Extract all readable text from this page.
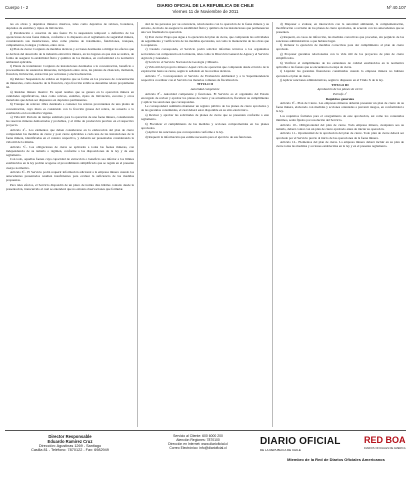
Cuerpo I - 2	DIARIO OFICIAL DE LA REPUBLICA DE CHILE
Viernes 11 de Noviembre de 2011
Nº 40.107

tes en obras y depósitos mineros masivos, tales como depósitos de relaves, botaderos, depósitos de estériles y ripios de lixiviación.

j) Paralización o cesación de una faena: Es la suspensión temporal o definitiva de las operaciones de una faena minera, conforme a lo dispuesto en el reglamento de seguridad minera, considerando sus instalaciones, tales como plantas de tratamiento, fundiciones, tranques, campamentos, bodegas y talleres, entre otras.

k) Plan de cierre: Conjunto de medidas técnicas y acciones destinadas a mitigar los efectos que se derivan del desarrollo de la industria extractiva minera, en los lugares en que ésta se realice, de forma de asegurar la estabilidad física y química de los mismos, en conformidad a la normativa ambiental aplicable.

l) Planta de tratamiento: Conjunto de instalaciones destinadas a la concentración, beneficio o procesamiento de sustancias minerales, incluyendo entre otras, las plantas de chancado, molienda, flotación, lixiviación, extracción por solventes y electroobtención.

m) Relave: Suspensión de sólidos en líquidos que se forma en los procesos de concentración de minerales, como desecho de la flotación, cuya fracción sólida se denomina relave propiamente tal.

n) Residuo minero masivo: Es aquel residuo que se genera en la operación minera en cantidades significativas, tales como relaves, estériles, ripios de lixiviación, escorias y otros materiales que deban ser dispuestos en depósitos permanentes.

ñ) Tranque de relaves: Obra destinada a contener los relaves provenientes de una planta de concentración, cuyo muro es construido con la fracción gruesa del relave, de acuerdo a lo establecido en la normativa vigente.

o) Vida útil: Periodo de tiempo estimado para la operación de una faena minera, considerando las reservas mineras demostradas y probables, y el ritmo de producción previsto en el respectivo proyecto.

Artículo 4º.- Los elementos que deben considerarse en la elaboración del plan de cierre comprenden las medidas de cierre y post cierre aplicables a cada una de las instalaciones de la faena minera, identificadas en el catastro respectivo, y deberán ser presentadas considerando la vida útil de la misma.

Artículo 5º.- Las obligaciones de cierre se aplicarán a todas las faenas mineras, con independencia de su tamaño o régimen, conforme a las disposiciones de la ley y de este reglamento.

Con todo, aquellas faenas cuya capacidad de extracción o beneficio sea inferior a los límites establecidos en la ley podrán acogerse al procedimiento simplificado que se regula en el presente cuerpo normativo.

Artículo 6º.- El Servicio podrá requerir información adicional a la empresa minera cuando los antecedentes presentados resulten insuficientes para evaluar la suficiencia de las medidas propuestas.

Para tales efectos, el Servicio dispondrá de un plazo de treinta días hábiles contado desde la presentación, transcurrido el cual se entenderá que no existen observaciones que formular.

dad de las personas por su ocurrencia, relacionados con la operación de la faena minera y su entorno, de modo de asegurar la estabilidad física y química de las instalaciones que permanezcan una vez finalizada la operación.

b) Post cierre: Etapa que sigue a la ejecución del plan de cierre, que comprende las actividades de seguimiento y verificación de las medidas ejecutadas, así como la mantención de las obras que lo requieran.

c) Cuando corresponda, el Servicio podrá solicitar informes técnicos a los organismos sectoriales con competencia en la materia, tales como la Dirección General de Aguas y el Servicio Agrícola y Ganadero.

d) Servicio: el Servicio Nacional de Geología y Minería.

e) Vida útil del proyecto minero: Aquel ciclo de operación que comprende desde el inicio de la explotación hasta su cierre, según lo señalado en las normas técnicas.

Artículo 7º.- Corresponderá al Servicio de Evaluación Ambiental y a la Superintendencia respectiva coordinar con el Servicio las materias comunes de fiscalización.

TITULO II

Autoridad competente

Artículo 8º.- Autoridad competente y funciones. El Servicio es el organismo del Estado encargado de revisar y aprobar los planes de cierre y su actualización, fiscalizar su cumplimiento y aplicar las sanciones que correspondan.

Le corresponderá asimismo mantener un registro público de los planes de cierre aprobados y de las garantías constituidas, el cual deberá estar disponible en su sitio electrónico.

a) Revisar y aprobar las solicitudes de planes de cierre que se presenten conforme a este reglamento.

b) Fiscalizar el cumplimiento de las medidas y acciones comprometidas en los planes aprobados.

c) Aplicar las sanciones que correspondan conforme a la ley.

d) Requerir la información que estime necesaria para el ejercicio de sus funciones.

d) Disponer o evaluar, en interacción con la autoridad ambiental, la complementación, modificación o revisión de los planes de cierre aprobados, de acuerdo con los antecedentes que se presenten.

e) Requerir, en casos de infracción, las medidas correctivas que procedan, sin perjuicio de las sanciones administrativas a que hubiere lugar.

f) Ordenar la ejecución de medidas correctivas para dar cumplimiento al plan de cierre aprobado.

g) Proponer garantías relacionadas con la vida útil de los proyectos de plan de cierre simplificados.

h) Verificar el cumplimiento de los estándares de calidad establecidos en la normativa aplicable a las faenas que se encuentren en etapa de cierre.

i) Liquidar las garantías financieras constituidas cuando la empresa minera no hubiere ejecutado el plan de cierre.

j) Aplicar sanciones administrativas, según lo dispuesto en el Título X de la ley.

TITULO III

Aprobación de los planes de cierre

Párrafo 1º

Requisitos generales

Artículo 9º.- Plan de Cierre. Las empresas mineras deberán presentar un plan de cierre de su faena minera, elaborado con medidas y acciones orientadas a prevenir riesgos, en conformidad a la ley.

Los requisitos formales para el otorgamiento de este aprobación, así como los contenidos mínimos, serán fijados por resolución del Servicio.

Artículo 10.- Obligatoriedad del plan de cierre. Toda empresa minera, cualquiera sea su tamaño, deberá contar con un plan de cierre aprobado antes de iniciar su operación.

Artículo 11.- Oportunidad de la aprobación del plan de cierre. Todo plan de cierre deberá ser aprobado por el Servicio previo al inicio de las operaciones de la faena minera.

Artículo 12.- Elementos del plan de cierre. La empresa minera deberá incluir en su plan de cierre todas las medidas y acciones establecidas en la ley y en el presente reglamento.

Director Responsable
Eduardo Ramírez Cruz
Dirección: Agustinas 1269 - Santiago
Casilla 81 - Teléfono: 7870122 - Fax: 6982949
Servicio al Cliente: 600 6000 200
Atención Regiones: 7870100
Dirección en Internet: www.diarioficial.cl
Correo Electrónico: info@diarioficial.cl
DIARIO OFICIAL
DE LA REPUBLICA DE CHILE
RED BOA
DIARIOS OFICIALES DE AMERICA
Miembro de la Red de Diarios Oficiales Americanos
